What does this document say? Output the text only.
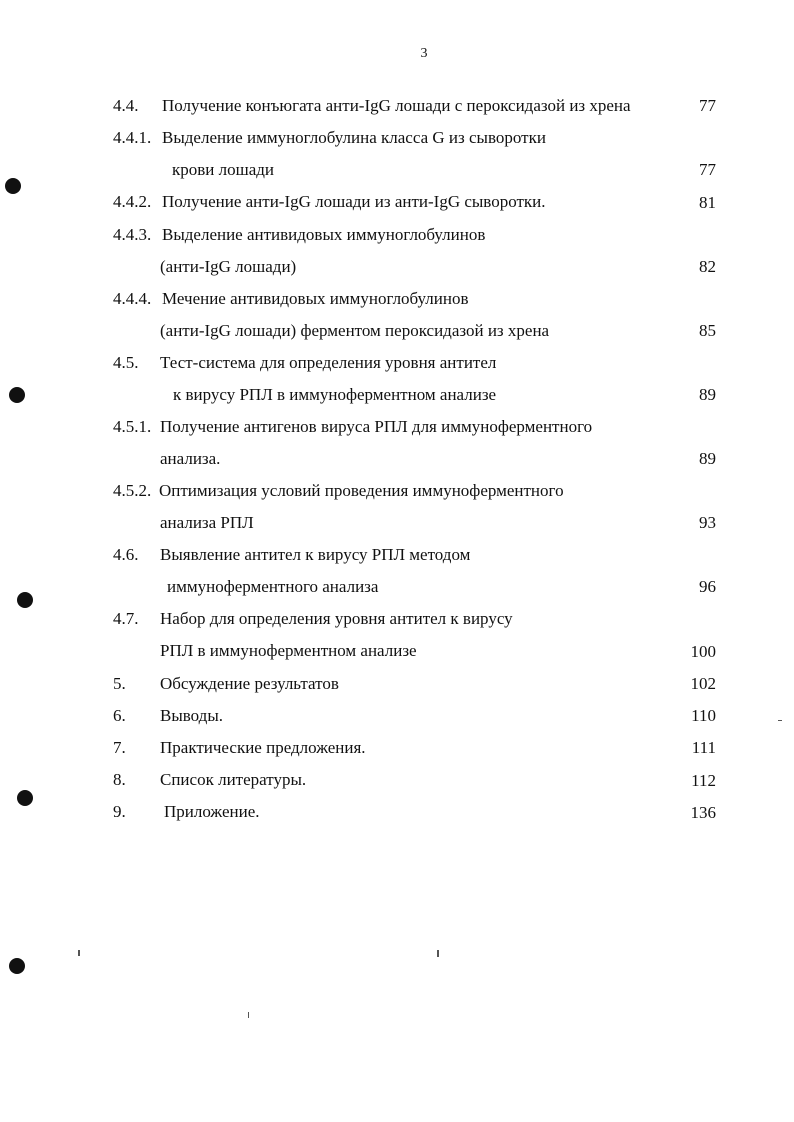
3
4.4. Получение конъюгата анти-IgG лошади с пероксидазой из хрена	77
4.4.1. Выделение иммуноглобулина класса G из сыворотки
крови лошади	77
4.4.2. Получение анти-IgG лошади из анти-IgG сыворотки.	81
4.4.3. Выделение антивидовых иммуноглобулинов
(анти-IgG лошади)	82
4.4.4. Мечение антивидовых иммуноглобулинов
(анти-IgG лошади) ферментом пероксидазой из хрена	85
4.5. Тест-система для определения уровня антител
к вирусу РПЛ в иммуноферментном анализе	89
4.5.1. Получение антигенов вируса РПЛ для иммуноферментного
анализа.	89
4.5.2. Оптимизация условий проведения иммуноферментного
анализа РПЛ	93
4.6. Выявление антител к вирусу РПЛ методом
иммуноферментного анализа	96
4.7. Набор для определения уровня антител к вирусу
РПЛ в иммуноферментном анализе	100
5. Обсуждение результатов	102
6. Выводы.	110
7. Практические предложения.	111
8. Список литературы.	112
9. Приложение.	136
